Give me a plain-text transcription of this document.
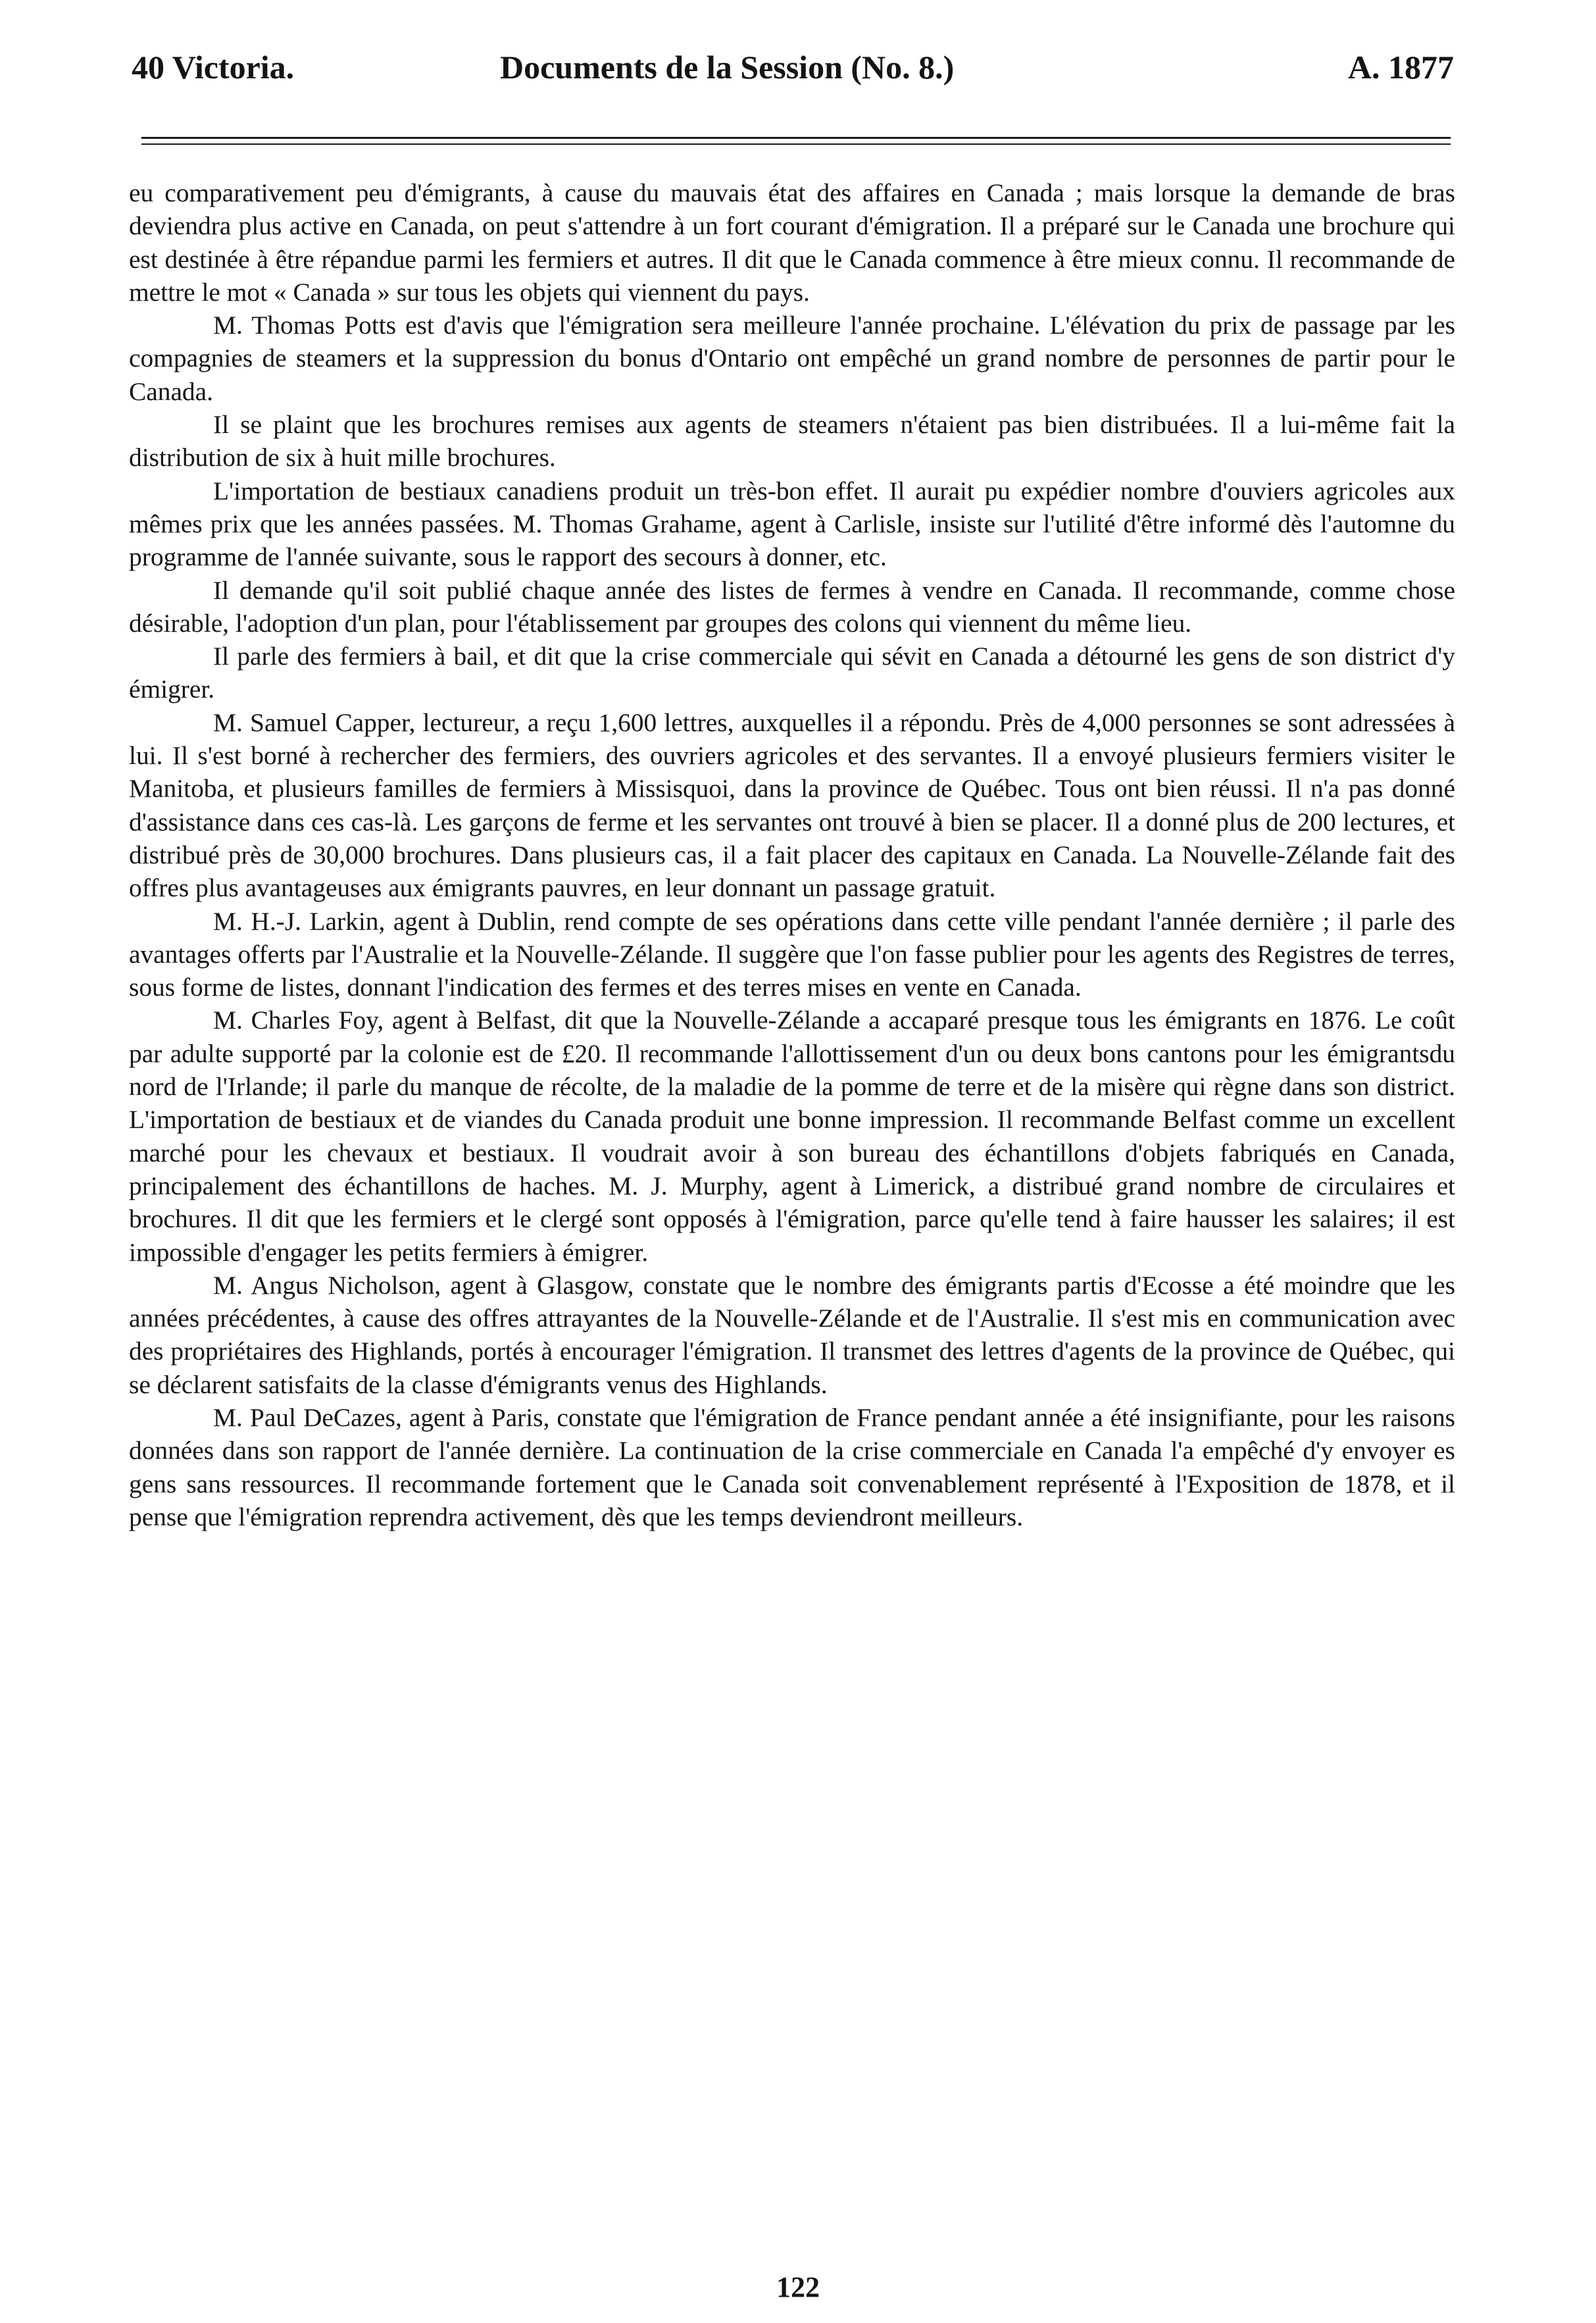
40 Victoria.	Documents de la Session (No. 8.)	A. 1877

eu comparativement peu d'émigrants, à cause du mauvais état des affaires en Canada ; mais lorsque la demande de bras deviendra plus active en Canada, on peut s'attendre à un fort courant d'émigration. Il a préparé sur le Canada une brochure qui est destinée à être répandue parmi les fermiers et autres. Il dit que le Canada commence à être mieux connu. Il recommande de mettre le mot « Canada » sur tous les objets qui viennent du pays.

M. Thomas Potts est d'avis que l'émigration sera meilleure l'année prochaine. L'élévation du prix de passage par les compagnies de steamers et la suppression du bonus d'Ontario ont empêché un grand nombre de personnes de partir pour le Canada.

Il se plaint que les brochures remises aux agents de steamers n'étaient pas bien distribuées. Il a lui-même fait la distribution de six à huit mille brochures.

L'importation de bestiaux canadiens produit un très-bon effet. Il aurait pu expédier nombre d'ouviers agricoles aux mêmes prix que les années passées. M. Thomas Grahame, agent à Carlisle, insiste sur l'utilité d'être informé dès l'automne du programme de l'année suivante, sous le rapport des secours à donner, etc.

Il demande qu'il soit publié chaque année des listes de fermes à vendre en Canada. Il recommande, comme chose désirable, l'adoption d'un plan, pour l'établissement par groupes des colons qui viennent du même lieu.

Il parle des fermiers à bail, et dit que la crise commerciale qui sévit en Canada a détourné les gens de son district d'y émigrer.

M. Samuel Capper, lectureur, a reçu 1,600 lettres, auxquelles il a répondu. Près de 4,000 personnes se sont adressées à lui. Il s'est borné à rechercher des fermiers, des ouvriers agricoles et des servantes. Il a envoyé plusieurs fermiers visiter le Manitoba, et plusieurs familles de fermiers à Missisquoi, dans la province de Québec. Tous ont bien réussi. Il n'a pas donné d'assistance dans ces cas-là. Les garçons de ferme et les servantes ont trouvé à bien se placer. Il a donné plus de 200 lectures, et distribué près de 30,000 brochures. Dans plusieurs cas, il a fait placer des capitaux en Canada. La Nouvelle-Zélande fait des offres plus avantageuses aux émigrants pauvres, en leur donnant un passage gratuit.

M. H.-J. Larkin, agent à Dublin, rend compte de ses opérations dans cette ville pendant l'année dernière ; il parle des avantages offerts par l'Australie et la Nouvelle-Zélande. Il suggère que l'on fasse publier pour les agents des Registres de terres, sous forme de listes, donnant l'indication des fermes et des terres mises en vente en Canada.

M. Charles Foy, agent à Belfast, dit que la Nouvelle-Zélande a accaparé presque tous les émigrants en 1876. Le coût par adulte supporté par la colonie est de £20. Il recommande l'allottissement d'un ou deux bons cantons pour les émigrantsdu nord de l'Irlande; il parle du manque de récolte, de la maladie de la pomme de terre et de la misère qui règne dans son district. L'importation de bestiaux et de viandes du Canada produit une bonne impression. Il recommande Belfast comme un excellent marché pour les chevaux et bestiaux. Il voudrait avoir à son bureau des échantillons d'objets fabriqués en Canada, principalement des échantillons de haches. M. J. Murphy, agent à Limerick, a distribué grand nombre de circulaires et brochures. Il dit que les fermiers et le clergé sont opposés à l'émigration, parce qu'elle tend à faire hausser les salaires; il est impossible d'engager les petits fermiers à émigrer.

M. Angus Nicholson, agent à Glasgow, constate que le nombre des émigrants partis d'Ecosse a été moindre que les années précédentes, à cause des offres attrayantes de la Nouvelle-Zélande et de l'Australie. Il s'est mis en communication avec des propriétaires des Highlands, portés à encourager l'émigration. Il transmet des lettres d'agents de la province de Québec, qui se déclarent satisfaits de la classe d'émigrants venus des Highlands.

M. Paul DeCazes, agent à Paris, constate que l'émigration de France pendant année a été insignifiante, pour les raisons données dans son rapport de l'année dernière. La continuation de la crise commerciale en Canada l'a empêché d'y envoyer es gens sans ressources. Il recommande fortement que le Canada soit convenablement représenté à l'Exposition de 1878, et il pense que l'émigration reprendra activement, dès que les temps deviendront meilleurs.

122
